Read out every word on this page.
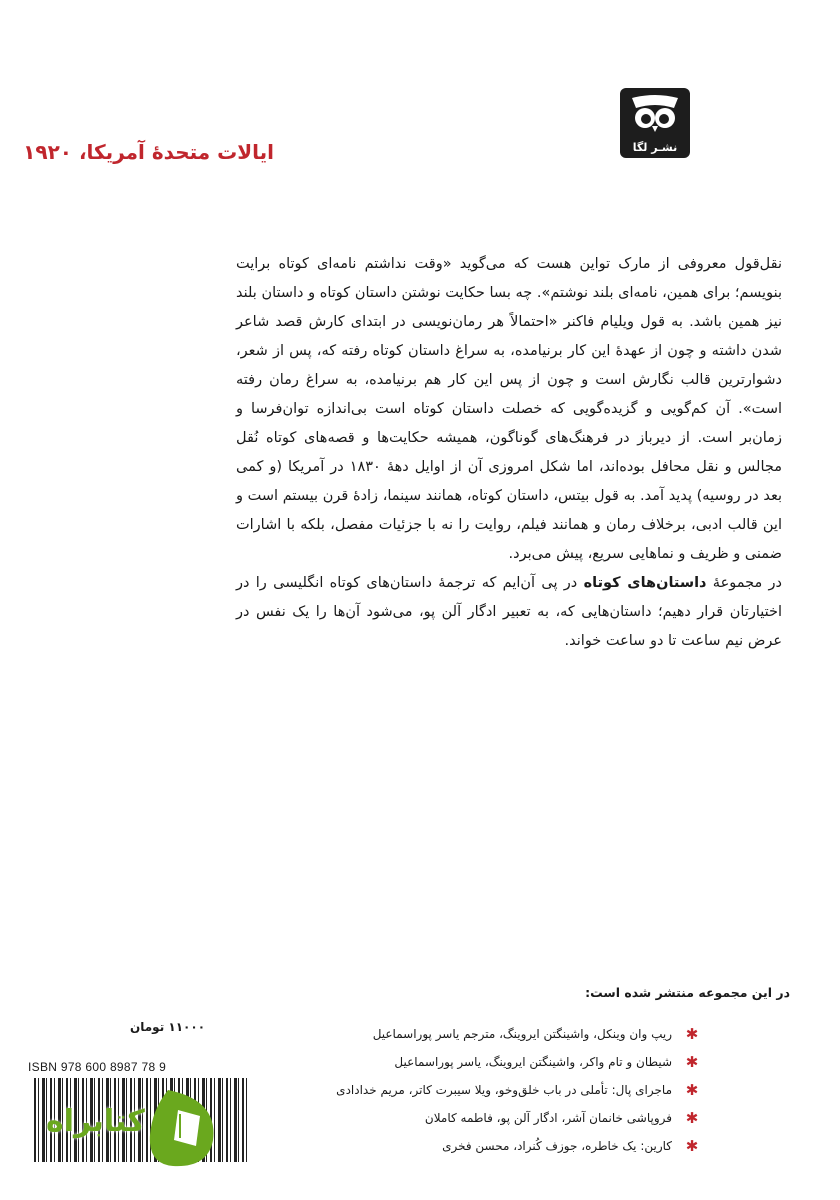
نشـر لگا
ایالات متحدهٔ آمریکا، ۱۹۲۰

نقل‌قول معروفی از مارک تواین هست که می‌گوید «وقت نداشتم نامه‌ای کوتاه برایت بنویسم؛ برای همین، نامه‌ای بلند نوشتم». چه بسا حکایت نوشتن داستان کوتاه و داستان بلند نیز همین باشد. به قول ویلیام فاکنر «احتمالاً هر رمان‌نویسی در ابتدای کارش قصد شاعر شدن داشته و چون از عهدهٔ این کار برنیامده، به سراغ داستان کوتاه رفته که، پس از شعر، دشوارترین قالب نگارش است و چون از پس این کار هم برنیامده، به سراغ رمان رفته است». آن کم‌گویی و گزیده‌گویی که خصلت داستان کوتاه است بی‌اندازه توان‌فرسا و زمان‌بر است. از دیرباز در فرهنگ‌های گوناگون، همیشه حکایت‌ها و قصه‌های کوتاه نُقل مجالس و نقل محافل بوده‌اند، اما شکل امروزی آن از اوایل دههٔ ۱۸۳۰ در آمریکا (و کمی بعد در روسیه) پدید آمد. به قول بیتس، داستان کوتاه، همانند سینما، زادهٔ قرن بیستم است و این قالب ادبی، برخلاف رمان و همانند فیلم، روایت را نه با جزئیات مفصل، بلکه با اشارات ضمنی و ظریف و نماهایی سریع، پیش می‌برد.

در مجموعهٔ داستان‌های کوتاه در پی آن‌ایم که ترجمهٔ داستان‌های کوتاه انگلیسی را در اختیارتان قرار دهیم؛ داستان‌هایی که، به تعبیر ادگار آلن پو، می‌شود آن‌ها را یک نفس در عرض نیم ساعت تا دو ساعت خواند.

در این مجموعه منتشر شده است:
✱
ریپ وان وینکل، واشینگتن ایروینگ، مترجم یاسر پوراسماعیل
✱
شیطان و تام واکر، واشینگتن ایروینگ، یاسر پوراسماعیل
✱
ماجرای پال: تأملی در باب خلق‌وخو، ویلا سیبرت کاتر، مریم خدادادی
✱
فروپاشی خانمان آشر، ادگار آلن پو، فاطمه کاملان
✱
کارین: یک خاطره، جوزف کُنراد، محسن فخری
۱۱۰۰۰ تومان
ISBN 978 600 8987 78 9
کتابراه
